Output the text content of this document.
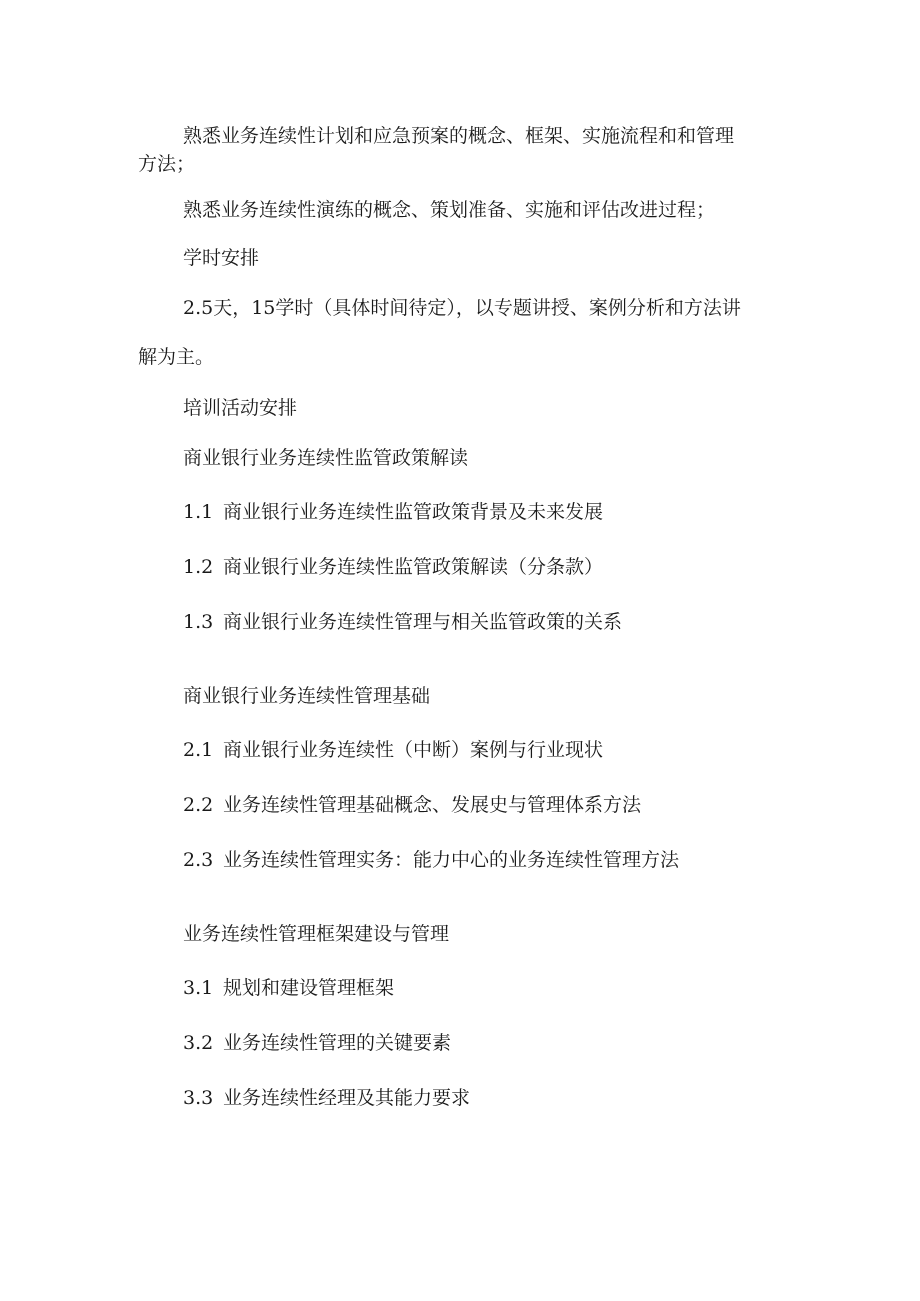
熟悉业务连续性计划和应急预案的概念、框架、实施流程和和管理
方法；
熟悉业务连续性演练的概念、策划准备、实施和评估改进过程；
学时安排
2.5天，15学时（具体时间待定），以专题讲授、案例分析和方法讲
解为主。
培训活动安排
商业银行业务连续性监管政策解读
1.1 商业银行业务连续性监管政策背景及未来发展
1.2 商业银行业务连续性监管政策解读（分条款）
1.3 商业银行业务连续性管理与相关监管政策的关系
商业银行业务连续性管理基础
2.1 商业银行业务连续性（中断）案例与行业现状
2.2 业务连续性管理基础概念、发展史与管理体系方法
2.3 业务连续性管理实务：能力中心的业务连续性管理方法
业务连续性管理框架建设与管理
3.1 规划和建设管理框架
3.2 业务连续性管理的关键要素
3.3 业务连续性经理及其能力要求
